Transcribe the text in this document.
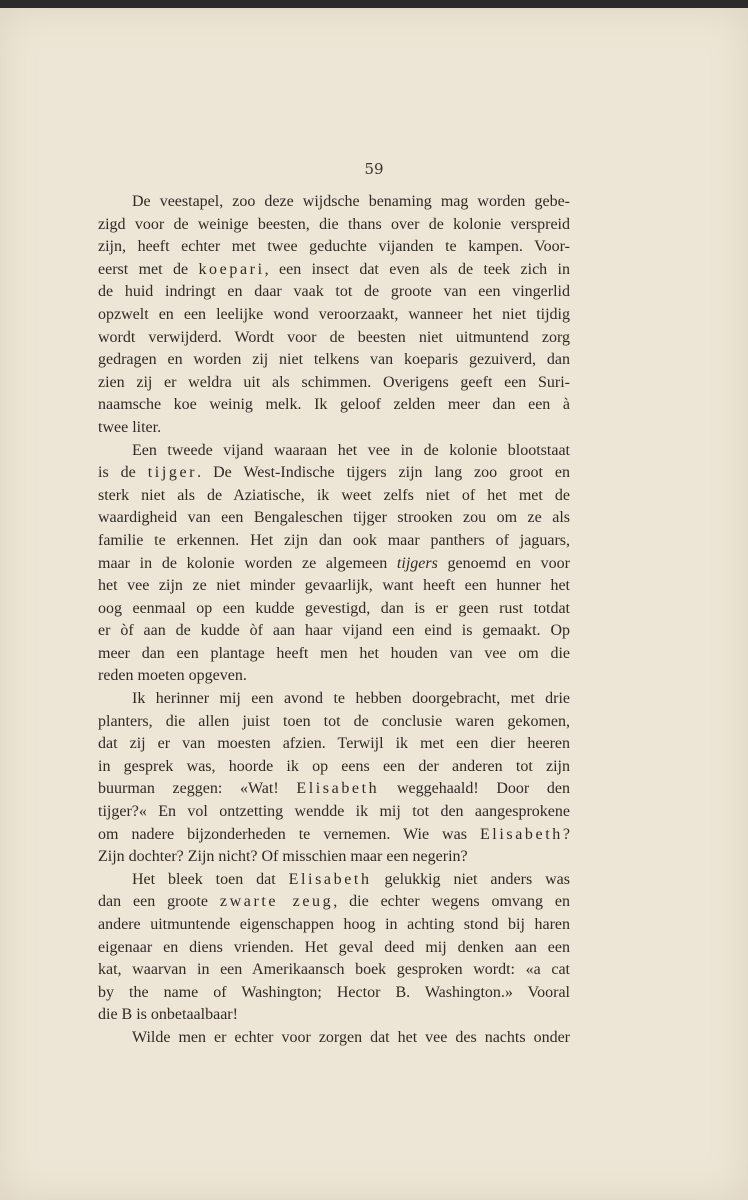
59
De veestapel, zoo deze wijdsche benaming mag worden gebe-
zigd voor de weinige beesten, die thans over de kolonie verspreid
zijn, heeft echter met twee geduchte vijanden te kampen. Voor-
eerst met de koepari, een insect dat even als de teek zich in
de huid indringt en daar vaak tot de groote van een vingerlid
opzwelt en een leelijke wond veroorzaakt, wanneer het niet tijdig
wordt verwijderd. Wordt voor de beesten niet uitmuntend zorg
gedragen en worden zij niet telkens van koeparis gezuiverd, dan
zien zij er weldra uit als schimmen. Overigens geeft een Suri-
naamsche koe weinig melk. Ik geloof zelden meer dan een à
twee liter.
Een tweede vijand waaraan het vee in de kolonie blootstaat
is de tijger. De West-Indische tijgers zijn lang zoo groot en
sterk niet als de Aziatische, ik weet zelfs niet of het met de
waardigheid van een Bengaleschen tijger strooken zou om ze als
familie te erkennen. Het zijn dan ook maar panthers of jaguars,
maar in de kolonie worden ze algemeen tijgers genoemd en voor
het vee zijn ze niet minder gevaarlijk, want heeft een hunner het
oog eenmaal op een kudde gevestigd, dan is er geen rust totdat
er òf aan de kudde òf aan haar vijand een eind is gemaakt. Op
meer dan een plantage heeft men het houden van vee om die
reden moeten opgeven.
Ik herinner mij een avond te hebben doorgebracht, met drie
planters, die allen juist toen tot de conclusie waren gekomen,
dat zij er van moesten afzien. Terwijl ik met een dier heeren
in gesprek was, hoorde ik op eens een der anderen tot zijn
buurman zeggen: «Wat! Elisabeth weggehaald! Door den
tijger?« En vol ontzetting wendde ik mij tot den aangesprokene
om nadere bijzonderheden te vernemen. Wie was Elisabeth?
Zijn dochter? Zijn nicht? Of misschien maar een negerin?
Het bleek toen dat Elisabeth gelukkig niet anders was
dan een groote zwarte zeug, die echter wegens omvang en
andere uitmuntende eigenschappen hoog in achting stond bij haren
eigenaar en diens vrienden. Het geval deed mij denken aan een
kat, waarvan in een Amerikaansch boek gesproken wordt: «a cat
by the name of Washington; Hector B. Washington.» Vooral
die B is onbetaalbaar!
Wilde men er echter voor zorgen dat het vee des nachts onder
